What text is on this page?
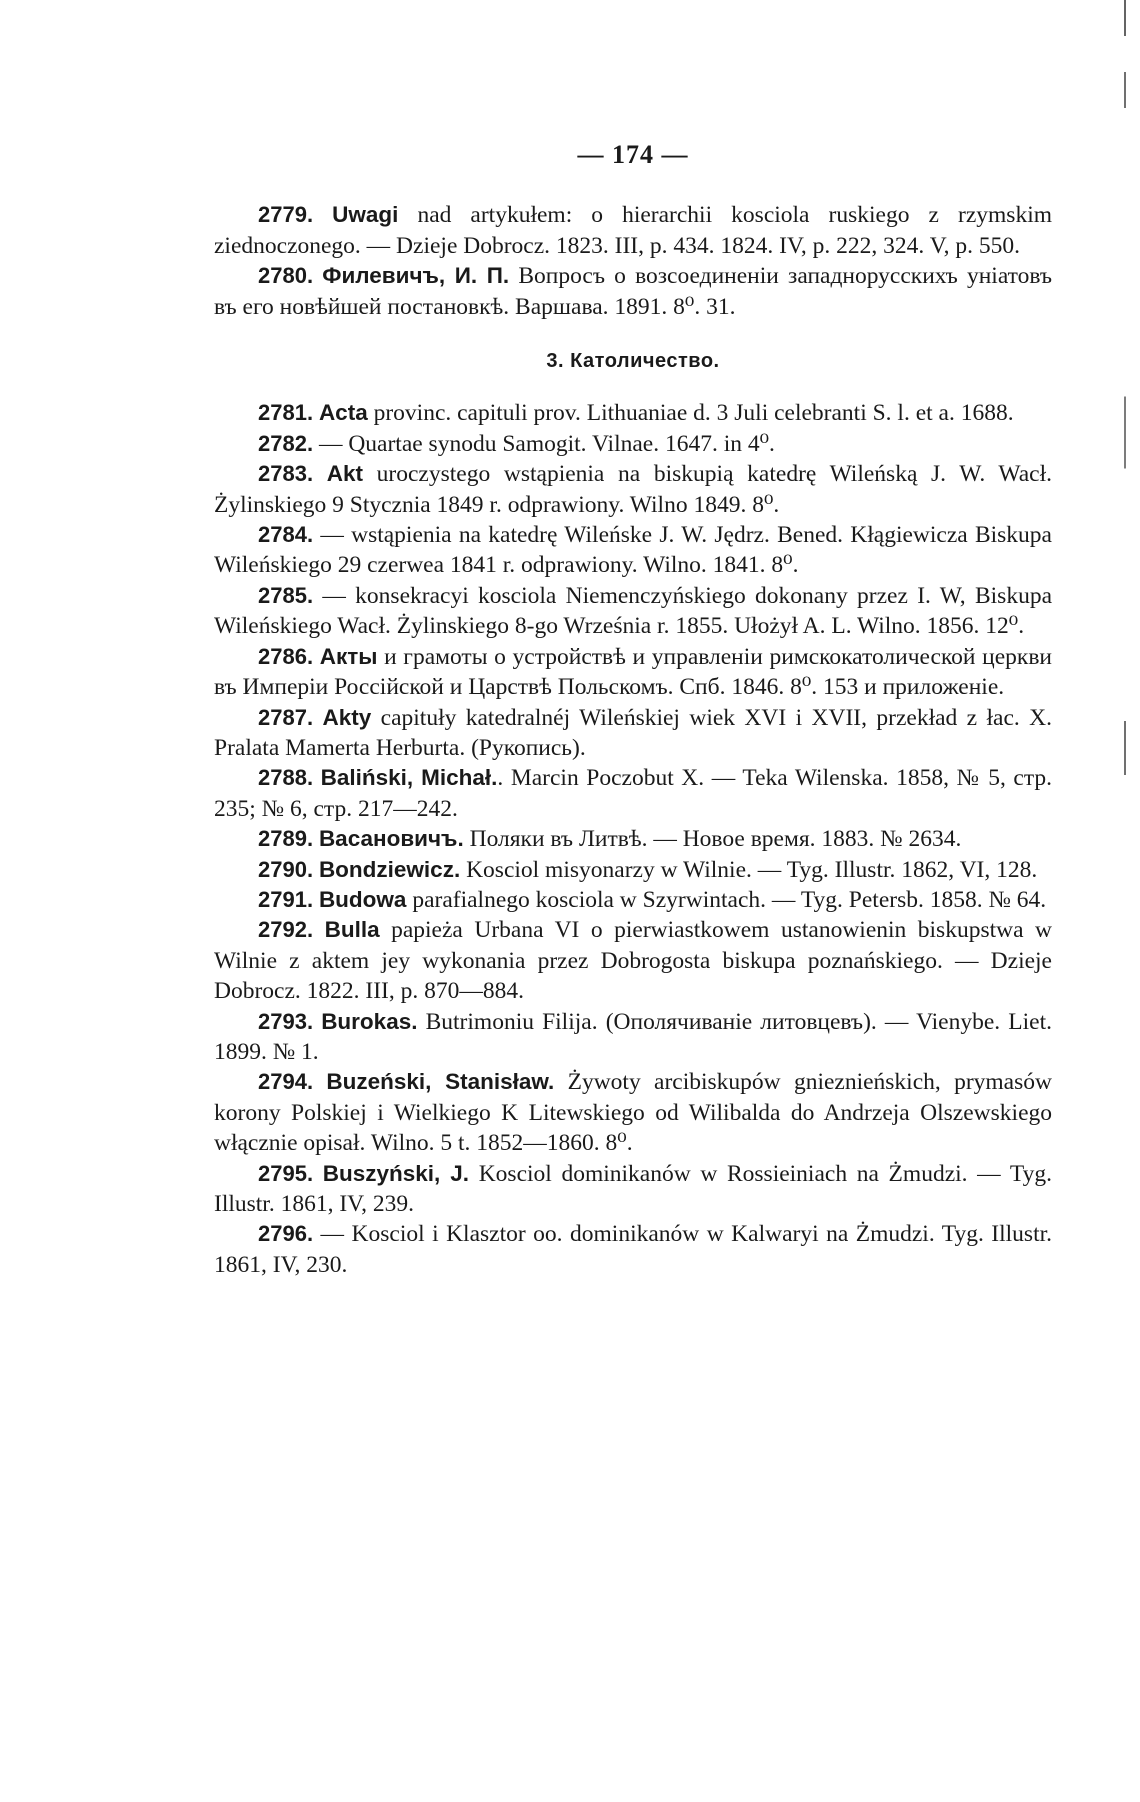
— 174 —

2779. Uwagi nad artykułem: o hierarchii kosciola ruskiego z rzymskim ziednoczonego. — Dzieje Dobrocz. 1823. III, p. 434. 1824. IV, p. 222, 324. V, p. 550.

2780. Филевичъ, И. П. Вопросъ о возсоединеніи западнорусскихъ уніатовъ въ его новѣйшей постановкѣ. Варшава. 1891. 8⁰. 31.

3. Католичество.

2781. Acta provinc. capituli prov. Lithuaniae d. 3 Julі celebranti S. l. et a. 1688.

2782. — Quartae synodu Samogit. Vilnae. 1647. in 4⁰.

2783. Akt uroczystego wstąpienia na biskupią katedrę Wileńską J. W. Wacł. Żylinskiego 9 Stycznia 1849 r. odprawiony. Wilno 1849. 8⁰.

2784. — wstąpienia na katedrę Wileńske J. W. Jędrz. Bened. Kłągiewicza Biskupa Wileńskiego 29 czerwea 1841 r. odprawiony. Wilno. 1841. 8⁰.

2785. — konsekracyi kosciola Niemenczyńskiego dokonany przez I. W, Biskupa Wileńskiego Wacł. Żylinskiego 8-go Września r. 1855. Ułożył A. L. Wilno. 1856. 12⁰.

2786. Акты и грамоты о устройствѣ и управленіи римскокатолической церкви въ Имперіи Россійской и Царствѣ Польскомъ. Спб. 1846. 8⁰. 153 и приложеніе.

2787. Akty capituły katedralnéj Wileńskiej wiek XVI i XVII, przekład z łac. X. Pralata Mamerta Herburta. (Рукопись).

2788. Baliński, Michał.. Marcin Poczobut X. — Teka Wilenska. 1858, № 5, стр. 235; № 6, стр. 217—242.

2789. Васановичъ. Поляки въ Литвѣ. — Новое время. 1883. № 2634.

2790. Bondziewicz. Kosciol misyonarzy w Wilnie. — Tyg. Illustr. 1862, VI, 128.

2791. Budowa parafialnego kosciola w Szyrwintach. — Tyg. Petersb. 1858. № 64.

2792. Bulla papieża Urbana VI o pierwiastkowem ustanowienin biskupstwa w Wilnie z aktem jey wykonania przez Dobrogosta biskupa poznańskiego. — Dzieje Dobrocz. 1822. III, p. 870—884.

2793. Burokas. Butrimoniu Filija. (Ополячиваніе литовцевъ). — Vienybe. Liet. 1899. № 1.

2794. Buzeński, Stanisław. Żywoty arcibiskupów gnieznieńskich, prymasów korony Polskiej i Wielkiego K Litewskiego od Wilibalda do Andrzeja Olszewskiego włącznie opisał. Wilno. 5 t. 1852—1860. 8⁰.

2795. Buszyński, J. Kosciol dominikanów w Rossieiniach na Żmudzi. — Tyg. Illustr. 1861, IV, 239.

2796. — Kosciol i Klasztor oo. dominikanów w Kalwaryi na Żmudzi. Tyg. Illustr. 1861, IV, 230.
